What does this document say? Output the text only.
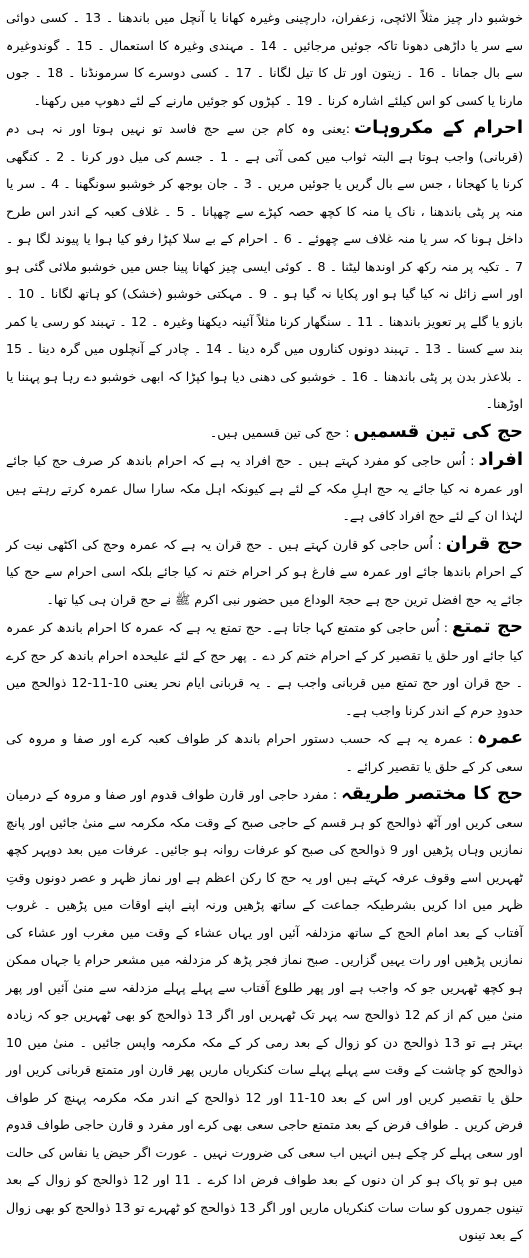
خوشبو دار چیز مثلاً الائچی، زعفران، دارچینی وغیرہ کھانا یا آنچل میں باندھنا ۔ 13 ۔ کسی دوائی سے سر یا داڑھی دھونا تاکہ جوئیں مرجائیں ۔ 14 ۔ مہندی وغیرہ کا استعمال ۔ 15 ۔ گوندوغیرہ سے بال جمانا ۔ 16 ۔ زیتون اور تل کا تیل لگانا ۔ 17 ۔ کسی دوسرے کا سرمونڈنا ۔ 18 ۔ جوں مارنا یا کسی کو اس کیلئے اشارہ کرنا ۔ 19 ۔ کپڑوں کو جوئیں مارنے کے لئے دھوپ میں رکھنا۔

احرام کے مکروہات:یعنی وہ کام جن سے حج فاسد تو نہیں ہوتا اور نہ ہی دم (قربانی) واجب ہوتا ہے البتہ ثواب میں کمی آتی ہے ۔ 1 ۔ جسم کی میل دور کرنا ۔ 2 ۔ کنگھی کرنا یا کھجانا ، جس سے بال گریں یا جوئیں مریں ۔ 3 ۔ جان بوجھ کر خوشبو سونگھنا ۔ 4 ۔ سر یا منہ پر پٹی باندھنا ، ناک یا منہ کا کچھ حصہ کپڑے سے چھپانا ۔ 5 ۔ غلاف کعبہ کے اندر اس طرح داخل ہونا کہ سر یا منہ غلاف سے چھوئے ۔ 6 ۔ احرام کے بے سلا کپڑا رفو کیا ہوا یا پیوند لگا ہو ۔ 7 ۔ تکیہ پر منہ رکھ کر اوندھا لیٹنا ۔ 8 ۔ کوئی ایسی چیز کھانا پینا جس میں خوشبو ملائی گئی ہو اور اسے زائل نہ کیا گیا ہو اور پکایا نہ گیا ہو ۔ 9 ۔ مہکتی خوشبو (خشک) کو ہاتھ لگانا ۔ 10 ۔ بازو یا گلے پر تعویز باندھنا ۔ 11 ۔ سنگھار کرنا مثلاً آئینہ دیکھنا وغیرہ ۔ 12 ۔ تہبند کو رسی یا کمر بند سے کسنا ۔ 13 ۔ تہبند دونوں کناروں میں گرہ دینا ۔ 14 ۔ چادر کے آنچلوں میں گرہ دینا ۔ 15 ۔ بلاعذر بدن پر پٹی باندھنا ۔ 16 ۔ خوشبو کی دھنی دیا ہوا کپڑا کہ ابھی خوشبو دے رہا ہو پہننا یا اوڑھنا۔

حج کی تین قسمیں: حج کی تین قسمیں ہیں۔

افراد: اُس حاجی کو مفرد کہتے ہیں ۔ حج افراد یہ ہے کہ احرام باندھ کر صرف حج کیا جائے اور عمرہ نہ کیا جائے یہ حج اہلِ مکہ کے لئے ہے کیونکہ اہل مکہ سارا سال عمرہ کرتے رہتے ہیں لہٰذا ان کے لئے حج افراد کافی ہے۔

حج قران: اُس حاجی کو قارن کہتے ہیں ۔ حج قران یہ ہے کہ عمرہ وحج کی اکٹھی نیت کر کے احرام باندھا جائے اور عمرہ سے فارغ ہو کر احرام ختم نہ کیا جائے بلکہ اسی احرام سے حج کیا جائے یہ حج افضل ترین حج ہے حجۃ الوداع میں حضور نبی اکرم ﷺ نے حج قران ہی کیا تھا۔

حج تمتع: اُس حاجی کو متمتع کہا جاتا ہے۔ حج تمتع یہ ہے کہ عمرہ کا احرام باندھ کر عمرہ کیا جائے اور حلق یا تقصیر کر کے احرام ختم کر دے ۔ پھر حج کے لئے علیحدہ احرام باندھ کر حج کرے ۔ حج قران اور حج تمتع میں قربانی واجب ہے ۔ یہ قربانی ایام نحر یعنی 10-11-12 ذوالحج میں حدودِ حرم کے اندر کرنا واجب ہے۔

عمرہ: عمرہ یہ ہے کہ حسب دستور احرام باندھ کر طواف کعبہ کرے اور صفا و مروہ کی سعی کر کے حلق یا تقصیر کرائے ۔

حج کا مختصر طریقہ: مفرد حاجی اور قارن طواف قدوم اور صفا و مروہ کے درمیان سعی کریں اور آٹھ ذوالحج کو ہر قسم کے حاجی صبح کے وقت مکہ مکرمہ سے منیٰ جائیں اور پانچ نمازیں وہاں پڑھیں اور 9 ذوالحج کی صبح کو عرفات روانہ ہو جائیں۔ عرفات میں بعد دوپہر کچھ ٹھہریں اسے وقوف عرفہ کہتے ہیں اور یہ حج کا رکن اعظم ہے اور نماز ظہر و عصر دونوں وقتِ ظہر میں ادا کریں بشرطیکہ جماعت کے ساتھ پڑھیں ورنہ اپنے اپنے اوقات میں پڑھیں ۔ غروب آفتاب کے بعد امام الحج کے ساتھ مزدلفہ آئیں اور یہاں عشاء کے وقت میں مغرب اور عشاء کی نمازیں پڑھیں اور رات یہیں گزاریں۔ صبح نماز فجر پڑھ کر مزدلفہ میں مشعر حرام یا جہاں ممکن ہو کچھ ٹھہریں جو کہ واجب ہے اور پھر طلوع آفتاب سے پہلے پہلے مزدلفہ سے منیٰ آئیں اور پھر منیٰ میں کم از کم 12 ذوالحج سہ پہر تک ٹھہریں اور اگر 13 ذوالحج کو بھی ٹھہریں جو کہ زیادہ بہتر ہے تو 13 ذوالحج دن کو زوال کے بعد رمی کر کے مکہ مکرمہ واپس جائیں ۔ منیٰ میں 10 ذوالحج کو چاشت کے وقت سے پہلے پہلے سات کنکریاں ماریں پھر قارن اور متمتع قربانی کریں اور حلق یا تقصیر کریں اور اس کے بعد 10-11 اور 12 ذوالحج کے اندر مکہ مکرمہ پہنچ کر طواف فرض کریں ۔ طواف فرض کے بعد متمتع حاجی سعی بھی کرے اور مفرد و قارن حاجی طواف قدوم اور سعی پہلے کر چکے ہیں انہیں اب سعی کی ضرورت نہیں ۔ عورت اگر حیض یا نفاس کی حالت میں ہو تو پاک ہو کر ان دنوں کے بعد طواف فرض ادا کرے ۔ 11 اور 12 ذوالحج کو زوال کے بعد تینوں جمروں کو سات سات کنکریاں ماریں اور اگر 13 ذوالحج کو ٹھہرے تو 13 ذوالحج کو بھی زوال کے بعد تینوں
